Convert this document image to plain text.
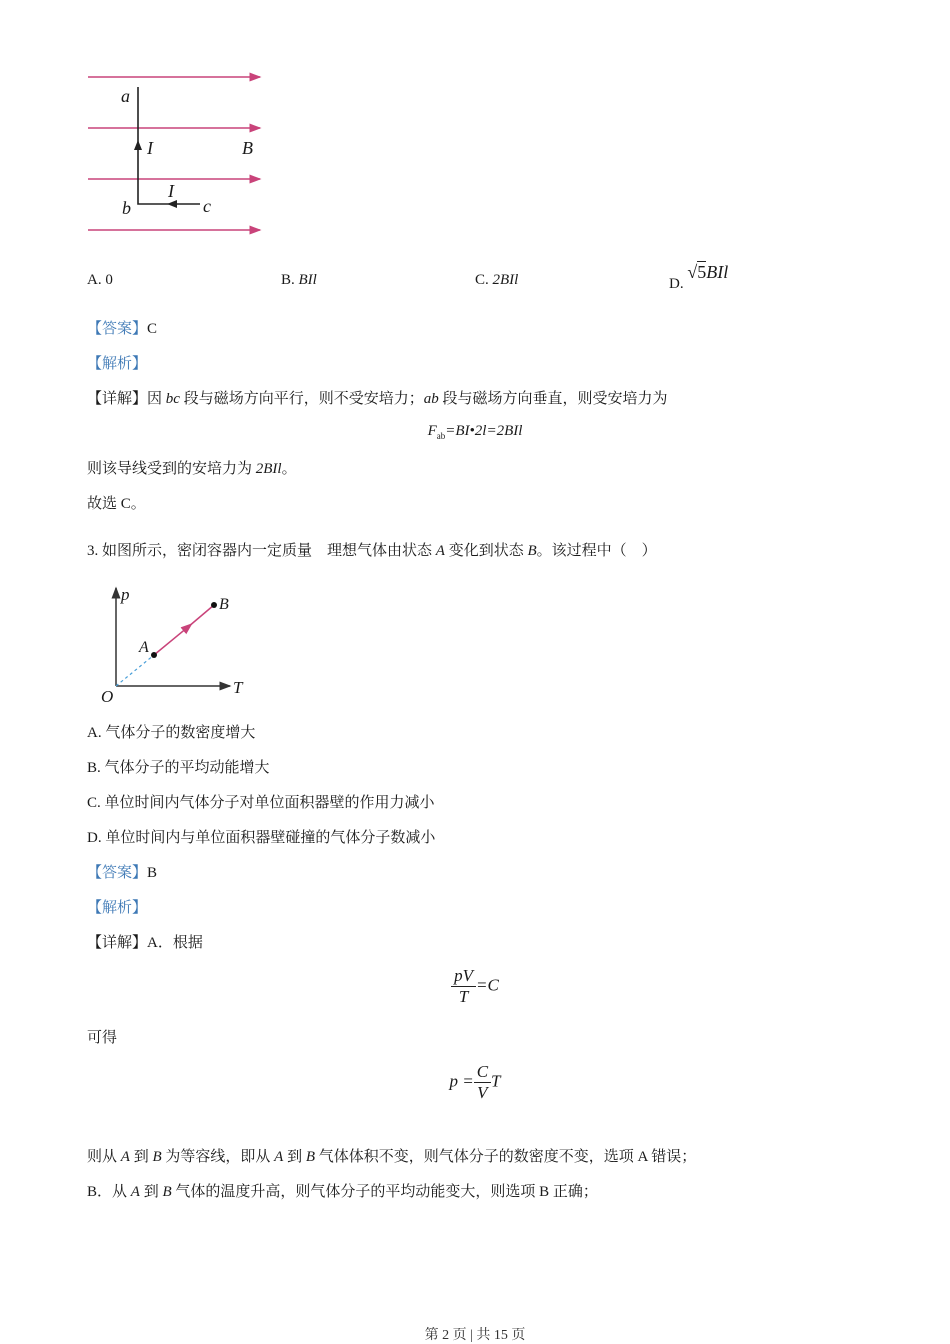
a
I	B
I
b	c
A. 0	B. BIl	C. 2BIl	D. √5BIl
【答案】C
【解析】
【详解】因 bc 段与磁场方向平行，则不受安培力；ab 段与磁场方向垂直，则受安培力为
$F_{ab}=BI•2l=2BIl$
则该导线受到的安培力为 2BIl。
故选 C。
3. 如图所示，密闭容器内一定质量　理想气体由状态 A 变化到状态 B。该过程中（　）
p
B
A
T
O
A. 气体分子的数密度增大
B. 气体分子的平均动能增大
C. 单位时间内气体分子对单位面积器壁的作用力减小
D. 单位时间内与单位面积器壁碰撞的气体分子数减小
【答案】B
【解析】
【详解】A．根据
$\frac{pV}{T} =C$
可得
$p = \frac{C}{V}$ T
则从 A 到 B 为等容线，即从 A 到 B 气体体积不变，则气体分子的数密度不变，选项 A 错误；
B．从 A 到 B 气体的温度升高，则气体分子的平均动能变大，则选项 B 正确；
第 2 页 | 共 15 页
